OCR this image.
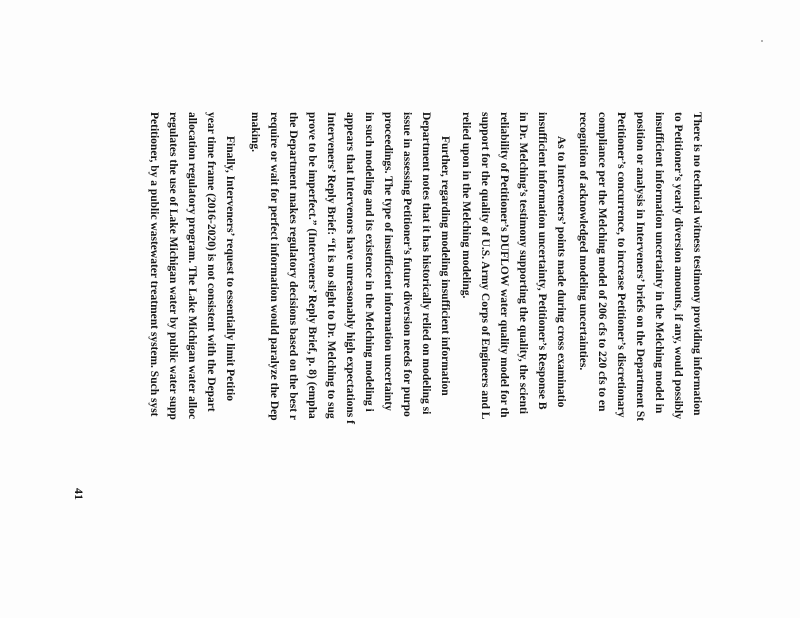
There is no technical witness testimony providing information
to Petitioner’s yearly diversion amounts, if any, would possibly
insufficient information uncertainty in the Melching model in
position or analysis in Interveners’ briefs on the Department St
Petitioner’s concurrence, to increase Petitioner’s discretionary
compliance per the Melching model of 206 cfs to 220 cfs to en
recognition of acknowledged modeling uncertainties.
As to Interveners’ points made during cross examinatio
insufficient information uncertainty, Petitioner’s Response B
in Dr. Melching’s testimony supporting the quality, the scienti
reliability of Petitioner’s DUFLOW water quality model for th
support for the quality of U.S. Army Corps of Engineers and L
relied upon in the Melching modeling.
Further, regarding modeling insufficient information
Department notes that it has historically relied on modeling si
issue in assessing Petitioner’s future diversion needs for purpo
proceedings. The type of insufficient information uncertainty
in such modeling and its existence in the Melching modeling i
appears that Intervenors have unreasonably high expectations f
Interveners’ Reply Brief: “It is no slight to Dr. Melching to sug
prove to be imperfect.” (Interveners’ Reply Brief, p. 8) (empha
the Department makes regulatory decisions based on the best r
require or wait for perfect information would paralyze the Dep
making.
Finally, Interveners’ request to essentially limit Petitio
year time frame (2016-2020) is not consistent with the Depart
allocation regulatory program. The Lake Michigan water alloc
regulates the use of Lake Michigan water by public water supp
Petitioner, by a public wastewater treatment system. Such syst
41
